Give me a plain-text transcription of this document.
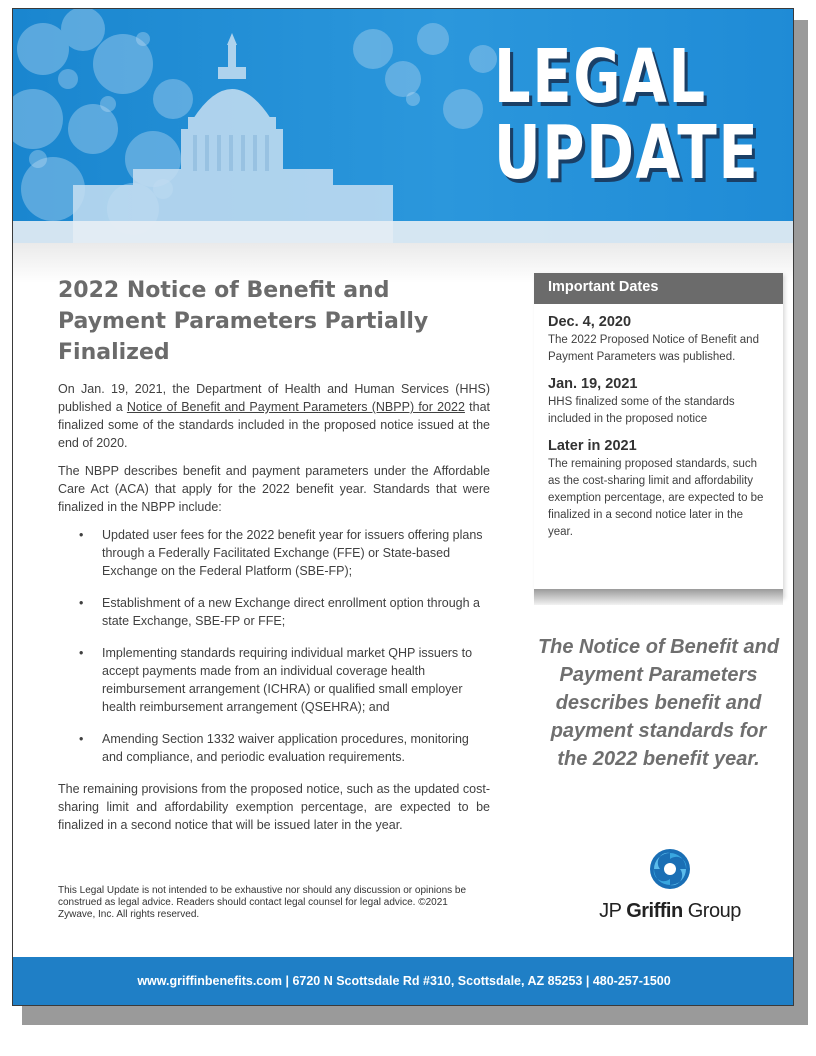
LEGAL
UPDATE
2022 Notice of Benefit and Payment Parameters Partially Finalized

On Jan. 19, 2021, the Department of Health and Human Services (HHS) published a Notice of Benefit and Payment Parameters (NBPP) for 2022 that finalized some of the standards included in the proposed notice issued at the end of 2020.

The NBPP describes benefit and payment parameters under the Affordable Care Act (ACA) that apply for the 2022 benefit year. Standards that were finalized in the NBPP include:

• Updated user fees for the 2022 benefit year for issuers offering plans through a Federally Facilitated Exchange (FFE) or State-based Exchange on the Federal Platform (SBE-FP);
• Establishment of a new Exchange direct enrollment option through a state Exchange, SBE-FP or FFE;
• Implementing standards requiring individual market QHP issuers to accept payments made from an individual coverage health reimbursement arrangement (ICHRA) or qualified small employer health reimbursement arrangement (QSEHRA); and
• Amending Section 1332 waiver application procedures, monitoring and compliance, and periodic evaluation requirements.

The remaining provisions from the proposed notice, such as the updated cost-sharing limit and affordability exemption percentage, are expected to be finalized in a second notice that will be issued later in the year.

This Legal Update is not intended to be exhaustive nor should any discussion or opinions be construed as legal advice. Readers should contact legal counsel for legal advice. ©2021 Zywave, Inc. All rights reserved.
Important Dates
Dec. 4, 2020
The 2022 Proposed Notice of Benefit and Payment Parameters was published.
Jan. 19, 2021
HHS finalized some of the standards included in the proposed notice
Later in 2021
The remaining proposed standards, such as the cost-sharing limit and affordability exemption percentage, are expected to be finalized in a second notice later in the year.
The Notice of Benefit and Payment Parameters describes benefit and payment standards for the 2022 benefit year.
JP Griffin Group
www.griffinbenefits.com | 6720 N Scottsdale Rd #310, Scottsdale, AZ 85253 | 480-257-1500
